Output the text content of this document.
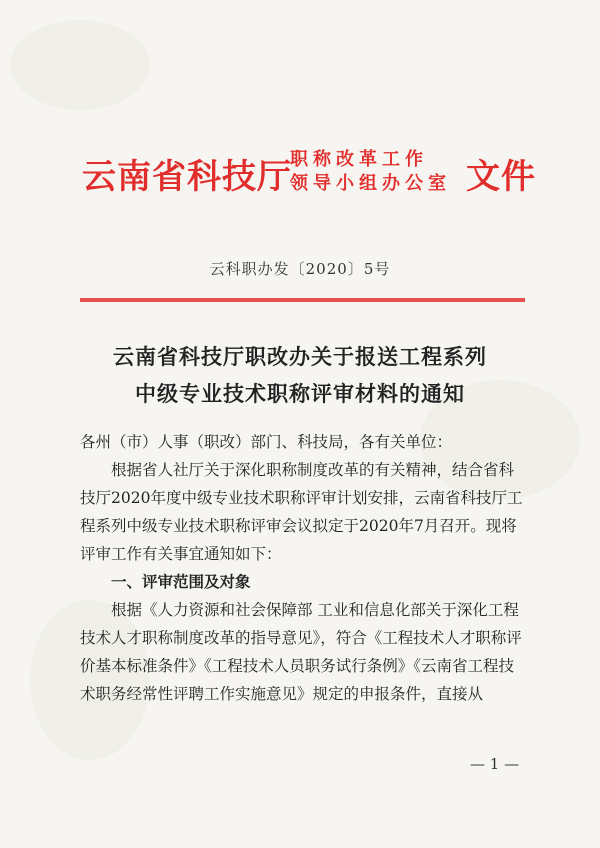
云南省科技厅
职称改革工作
领导小组办公室 文件
云科职办发〔2020〕5号
云南省科技厅职改办关于报送工程系列
中级专业技术职称评审材料的通知

各州（市）人事（职改）部门、科技局，各有关单位：

根据省人社厅关于深化职称制度改革的有关精神，结合省科技厅2020年度中级专业技术职称评审计划安排，云南省科技厅工程系列中级专业技术职称评审会议拟定于2020年7月召开。现将评审工作有关事宜通知如下：

一、评审范围及对象

根据《人力资源和社会保障部 工业和信息化部关于深化工程技术人才职称制度改革的指导意见》，符合《工程技术人才职称评价基本标准条件》《工程技术人员职务试行条例》《云南省工程技术职务经常性评聘工作实施意见》规定的申报条件，直接从

— 1 —
